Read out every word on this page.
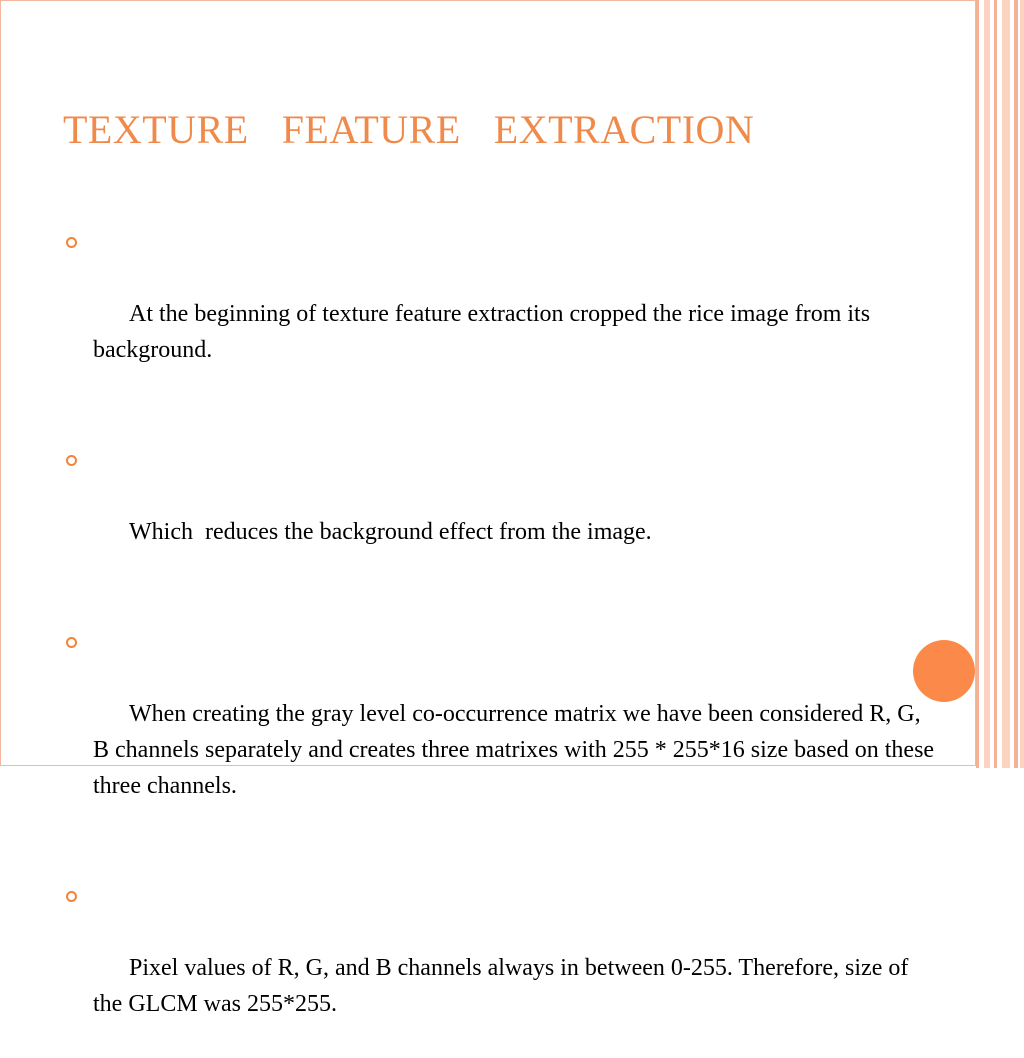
TEXTURE  FEATURE  EXTRACTION

At the beginning of texture feature extraction cropped the rice image from its background.

Which  reduces the background effect from the image.

When creating the gray level co-occurrence matrix we have been considered R, G, B channels separately and creates three matrixes with 255 * 255*16 size based on these three channels.

Pixel values of R, G, and B channels always in between 0-255. Therefore, size of the GLCM was 255*255.
